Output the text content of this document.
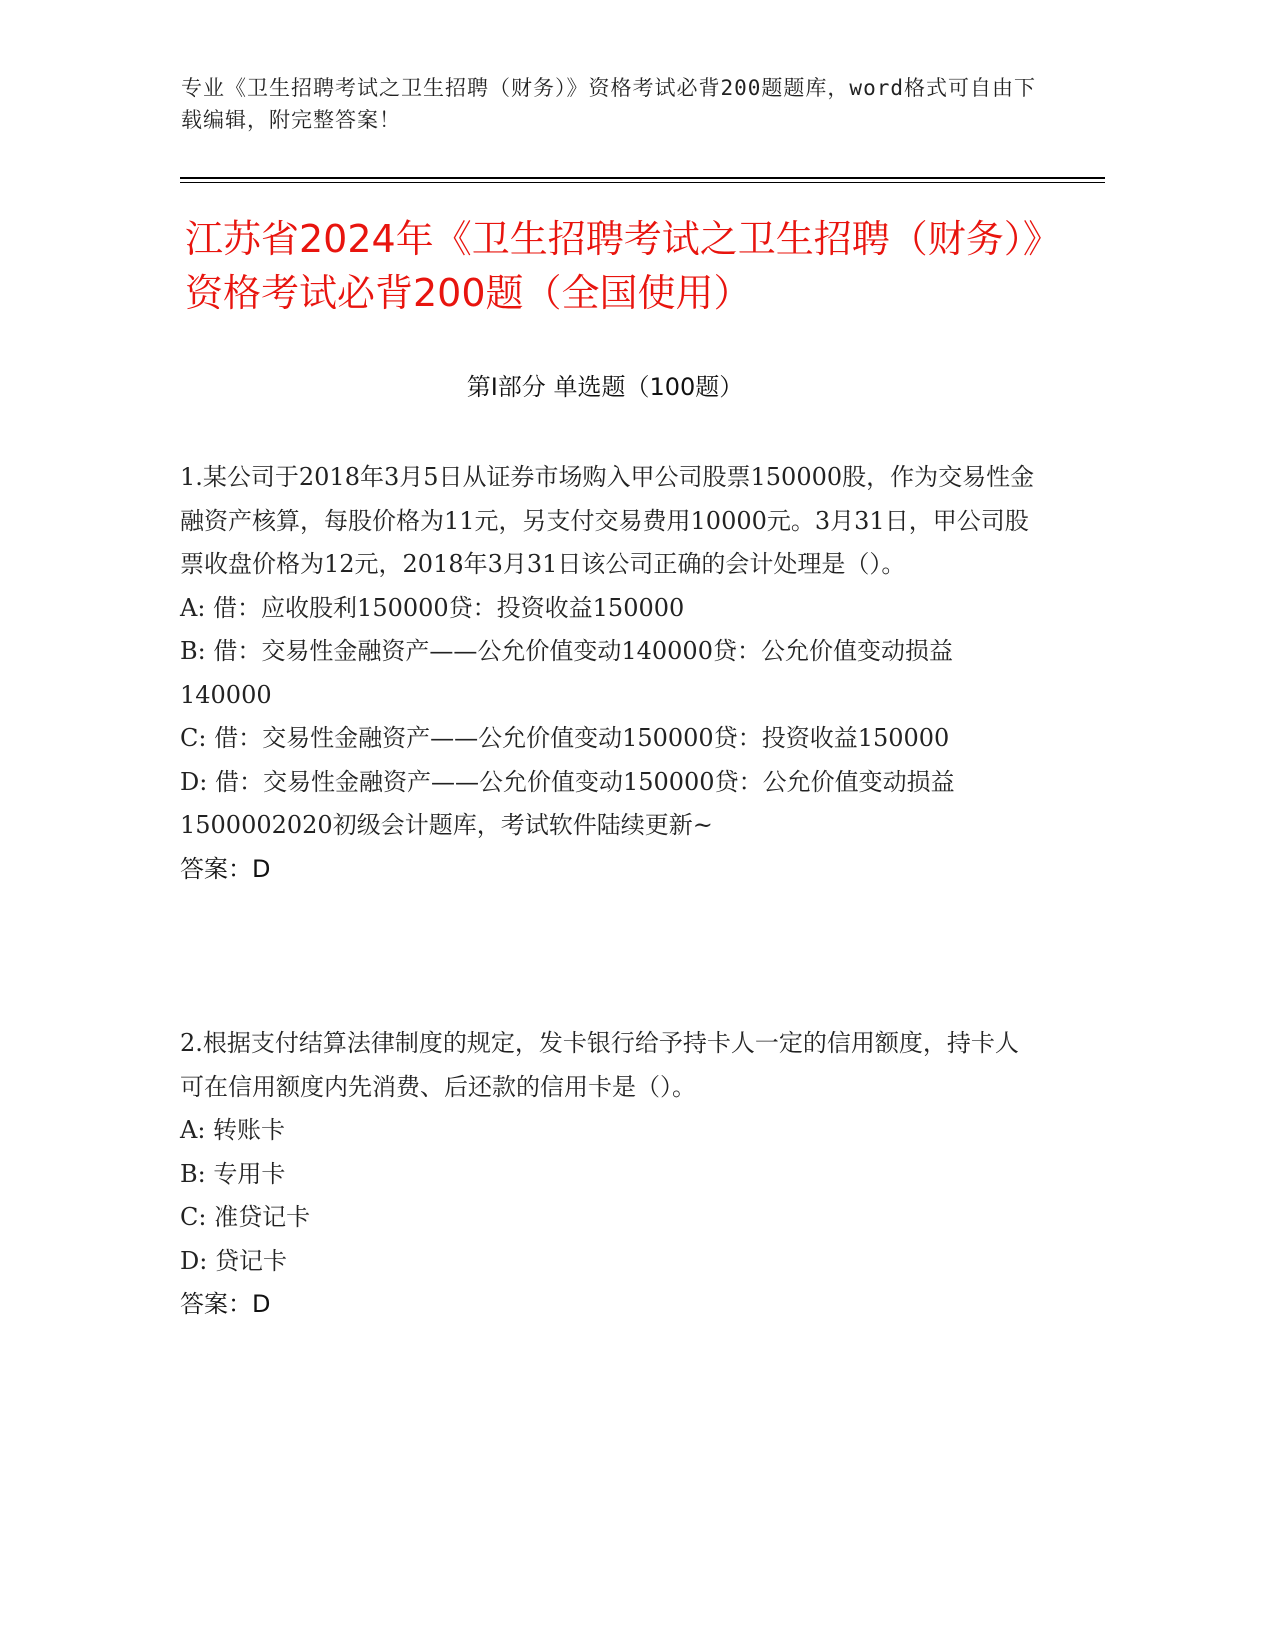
专业《卫生招聘考试之卫生招聘（财务）》资格考试必背200题题库，word格式可自由下载编辑，附完整答案！
江苏省2024年《卫生招聘考试之卫生招聘（财务）》资格考试必背200题（全国使用）
第I部分 单选题（100题）

1.某公司于2018年3月5日从证券市场购入甲公司股票150000股，作为交易性金融资产核算，每股价格为11元，另支付交易费用10000元。3月31日，甲公司股票收盘价格为12元，2018年3月31日该公司正确的会计处理是（）。

A: 借：应收股利150000贷：投资收益150000

B: 借：交易性金融资产——公允价值变动140000贷：公允价值变动损益140000

C: 借：交易性金融资产——公允价值变动150000贷：投资收益150000

D: 借：交易性金融资产——公允价值变动150000贷：公允价值变动损益1500002020初级会计题库，考试软件陆续更新~

答案：D

2.根据支付结算法律制度的规定，发卡银行给予持卡人一定的信用额度，持卡人可在信用额度内先消费、后还款的信用卡是（）。

A: 转账卡

B: 专用卡

C: 准贷记卡

D: 贷记卡

答案：D
